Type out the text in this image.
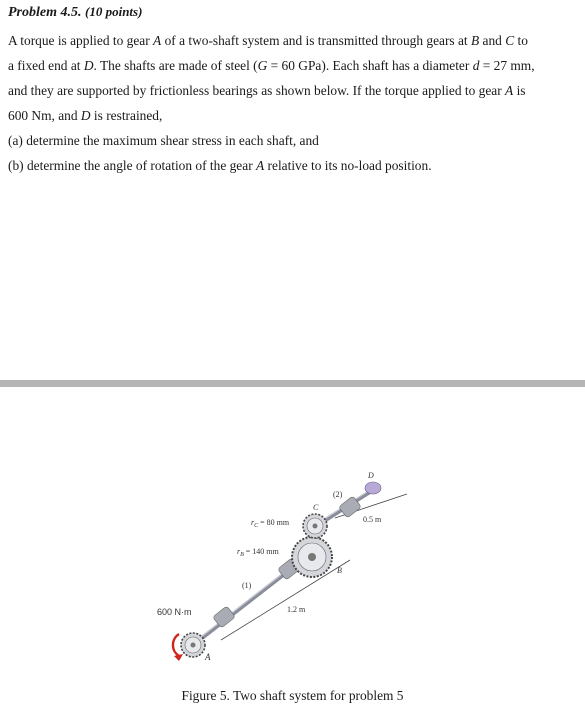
Problem 4.5. (10 points)
A torque is applied to gear A of a two-shaft system and is transmitted through gears at B and C to
a fixed end at D. The shafts are made of steel (G = 60 GPa). Each shaft has a diameter d = 27 mm,
and they are supported by frictionless bearings as shown below. If the torque applied to gear A is
600 Nm, and D is restrained,
(a) determine the maximum shear stress in each shaft, and
(b) determine the angle of rotation of the gear A relative to its no-load position.
600 N·m
A
B
C
D
(1)
(2)
$r_C = 80$ mm
$r_B = 140$ mm
1.2 m
0.5 m
Figure 5. Two shaft system for problem 5
